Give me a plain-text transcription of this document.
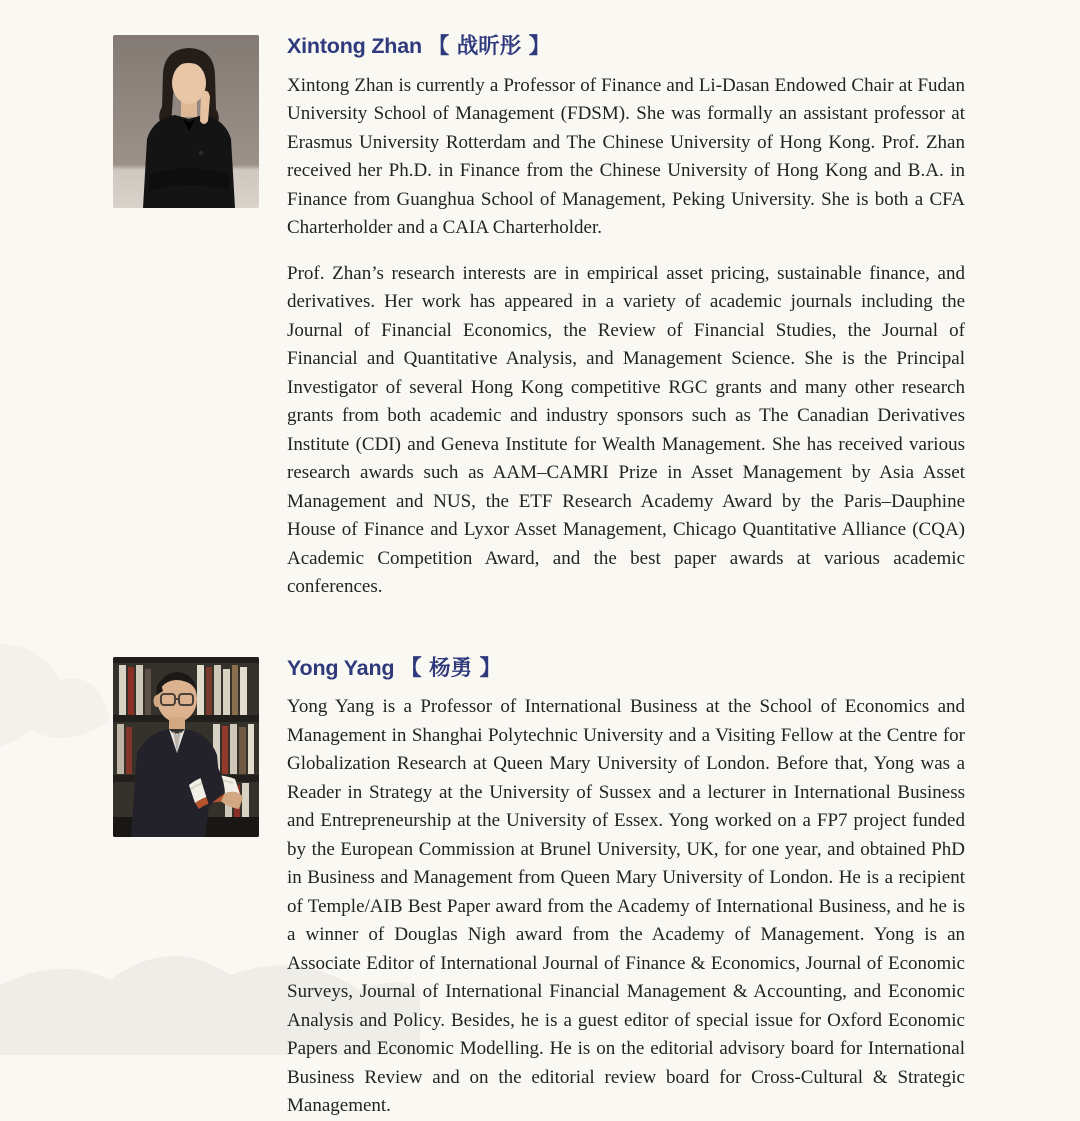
Xintong Zhan 【 战昕彤 】

Xintong Zhan is currently a Professor of Finance and Li-Dasan Endowed Chair at Fudan University School of Management (FDSM). She was formally an assistant professor at Erasmus University Rotterdam and The Chinese University of Hong Kong. Prof. Zhan received her Ph.D. in Finance from the Chinese University of Hong Kong and B.A. in Finance from Guanghua School of Management, Peking University. She is both a CFA Charterholder and a CAIA Charterholder.

Prof. Zhan’s research interests are in empirical asset pricing, sustainable finance, and derivatives. Her work has appeared in a variety of academic journals including the Journal of Financial Economics, the Review of Financial Studies, the Journal of Financial and Quantitative Analysis, and Management Science. She is the Principal Investigator of several Hong Kong competitive RGC grants and many other research grants from both academic and industry sponsors such as The Canadian Derivatives Institute (CDI) and Geneva Institute for Wealth Management. She has received various research awards such as AAM–CAMRI Prize in Asset Management by Asia Asset Management and NUS, the ETF Research Academy Award by the Paris–Dauphine House of Finance and Lyxor Asset Management, Chicago Quantitative Alliance (CQA) Academic Competition Award, and the best paper awards at various academic conferences.

Yong Yang 【 杨勇 】

Yong Yang is a Professor of International Business at the School of Economics and Management in Shanghai Polytechnic University and a Visiting Fellow at the Centre for Globalization Research at Queen Mary University of London. Before that, Yong was a Reader in Strategy at the University of Sussex and a lecturer in International Business and Entrepreneurship at the University of Essex. Yong worked on a FP7 project funded by the European Commission at Brunel University, UK, for one year, and obtained PhD in Business and Management from Queen Mary University of London. He is a recipient of Temple/AIB Best Paper award from the Academy of International Business, and he is a winner of Douglas Nigh award from the Academy of Management. Yong is an Associate Editor of International Journal of Finance & Economics, Journal of Economic Surveys, Journal of International Financial Management & Accounting, and Economic Analysis and Policy. Besides, he is a guest editor of special issue for Oxford Economic Papers and Economic Modelling. He is on the editorial advisory board for International Business Review and on the editorial review board for Cross-Cultural & Strategic Management.
